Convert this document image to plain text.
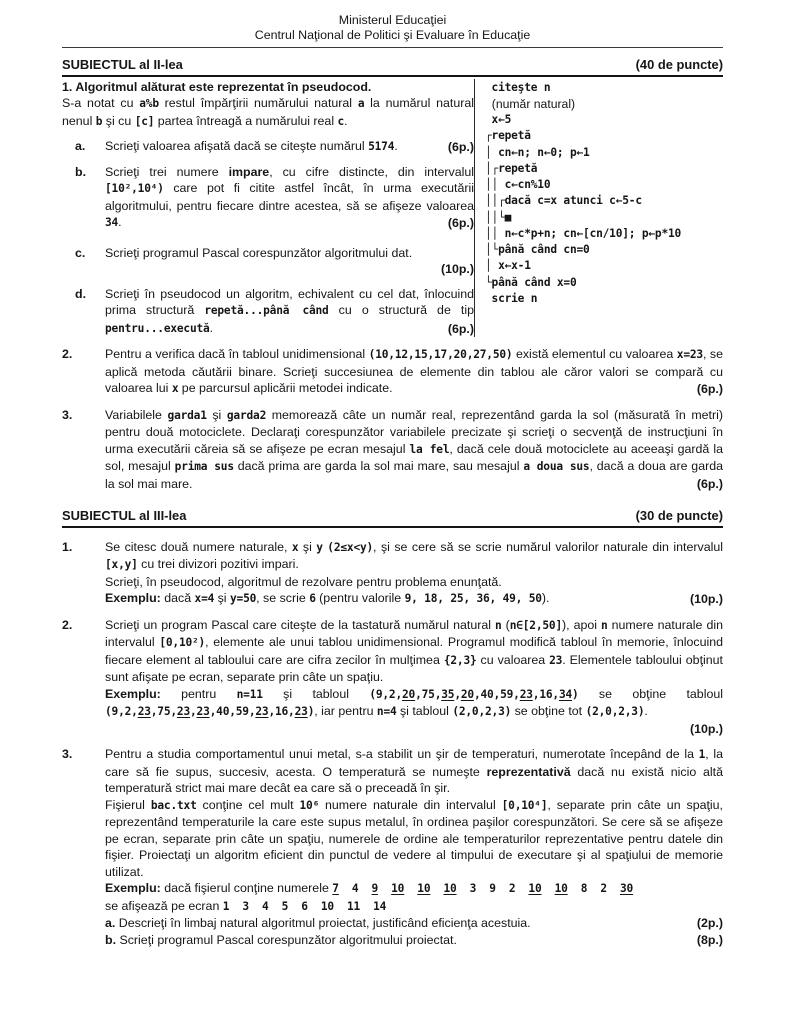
Ministerul Educaţiei
Centrul Naţional de Politici şi Evaluare în Educaţie
SUBIECTUL al II-lea	(40 de puncte)
1. Algoritmul alăturat este reprezentat în pseudocod.
S-a notat cu a%b restul împărţirii numărului natural a la numărul natural nenul b şi cu [c] partea întreagă a numărului real c.
a. Scrieţi valoarea afişată dacă se citeşte numărul 5174.	(6p.)
b. Scrieţi trei numere impare, cu cifre distincte, din intervalul [10²,10⁴) care pot fi citite astfel încât, în urma executării algoritmului, pentru fiecare dintre acestea, să se afişeze valoarea 34.	(6p.)
c. Scrieţi programul Pascal corespunzător algoritmului dat.
(10p.)
d. Scrieţi în pseudocod un algoritm, echivalent cu cel dat, înlocuind prima structură repetă...până când cu o structură de tip pentru...execută.	(6p.)
citeşte n
(număr natural)
x←5
┌repetă
│ cn←n; n←0; p←1
│┌repetă
││ c←cn%10
││┌dacă c=x atunci c←5-c
││└■
││ n←c*p+n; cn←[cn/10]; p←p*10
│└până când cn=0
│ x←x-1
└până când x=0
scrie n
2.	Pentru a verifica dacă în tabloul unidimensional (10,12,15,17,20,27,50) există elementul cu valoarea x=23, se aplică metoda căutării binare. Scrieţi succesiunea de elemente din tablou ale căror valori se compară cu valoarea lui x pe parcursul aplicării metodei indicate.	(6p.)
3.	Variabilele garda1 şi garda2 memorează câte un număr real, reprezentând garda la sol (măsurată în metri) pentru două motociclete. Declaraţi corespunzător variabilele precizate şi scrieţi o secvenţă de instrucţiuni în urma executării căreia să se afişeze pe ecran mesajul la fel, dacă cele două motociclete au aceeaşi gardă la sol, mesajul prima sus dacă prima are garda la sol mai mare, sau mesajul a doua sus, dacă a doua are garda la sol mai mare.	(6p.)
SUBIECTUL al III-lea	(30 de puncte)
1.	Se citesc două numere naturale, x şi y (2≤x<y), şi se cere să se scrie numărul valorilor naturale din intervalul [x,y] cu trei divizori pozitivi impari.
Scrieţi, în pseudocod, algoritmul de rezolvare pentru problema enunţată.
Exemplu: dacă x=4 şi y=50, se scrie 6 (pentru valorile 9, 18, 25, 36, 49, 50).	(10p.)
2.	Scrieţi un program Pascal care citeşte de la tastatură numărul natural n (n∈[2,50]), apoi n numere naturale din intervalul [0,10²), elemente ale unui tablou unidimensional. Programul modifică tabloul în memorie, înlocuind fiecare element al tabloului care are cifra zecilor în mulţimea {2,3} cu valoarea 23. Elementele tabloului obţinut sunt afişate pe ecran, separate prin câte un spaţiu.
Exemplu: pentru n=11 şi tabloul (9,2,20,75,35,20,40,59,23,16,34) se obţine tabloul (9,2,23,75,23,23,40,59,23,16,23), iar pentru n=4 şi tabloul (2,0,2,3) se obţine tot (2,0,2,3).
(10p.)
3.	Pentru a studia comportamentul unui metal, s-a stabilit un şir de temperaturi, numerotate începând de la 1, la care să fie supus, succesiv, acesta. O temperatură se numeşte reprezentativă dacă nu există nicio altă temperatură strict mai mare decât ea care să o preceadă în şir.
Fişierul bac.txt conţine cel mult 10⁶ numere naturale din intervalul [0,10⁴], separate prin câte un spaţiu, reprezentând temperaturile la care este supus metalul, în ordinea paşilor corespunzători. Se cere să se afişeze pe ecran, separate prin câte un spaţiu, numerele de ordine ale temperaturilor reprezentative pentru datele din fişier. Proiectaţi un algoritm eficient din punctul de vedere al timpului de executare şi al spaţiului de memorie utilizat.
Exemplu: dacă fişierul conţine numerele 7  4  9 10 10 10  3  9  2  10 10  8  2  30
se afişează pe ecran 1  3  4  5  6  10  11  14
a. Descrieţi în limbaj natural algoritmul proiectat, justificând eficienţa acestuia.	(2p.)
b. Scrieţi programul Pascal corespunzător algoritmului proiectat.	(8p.)
